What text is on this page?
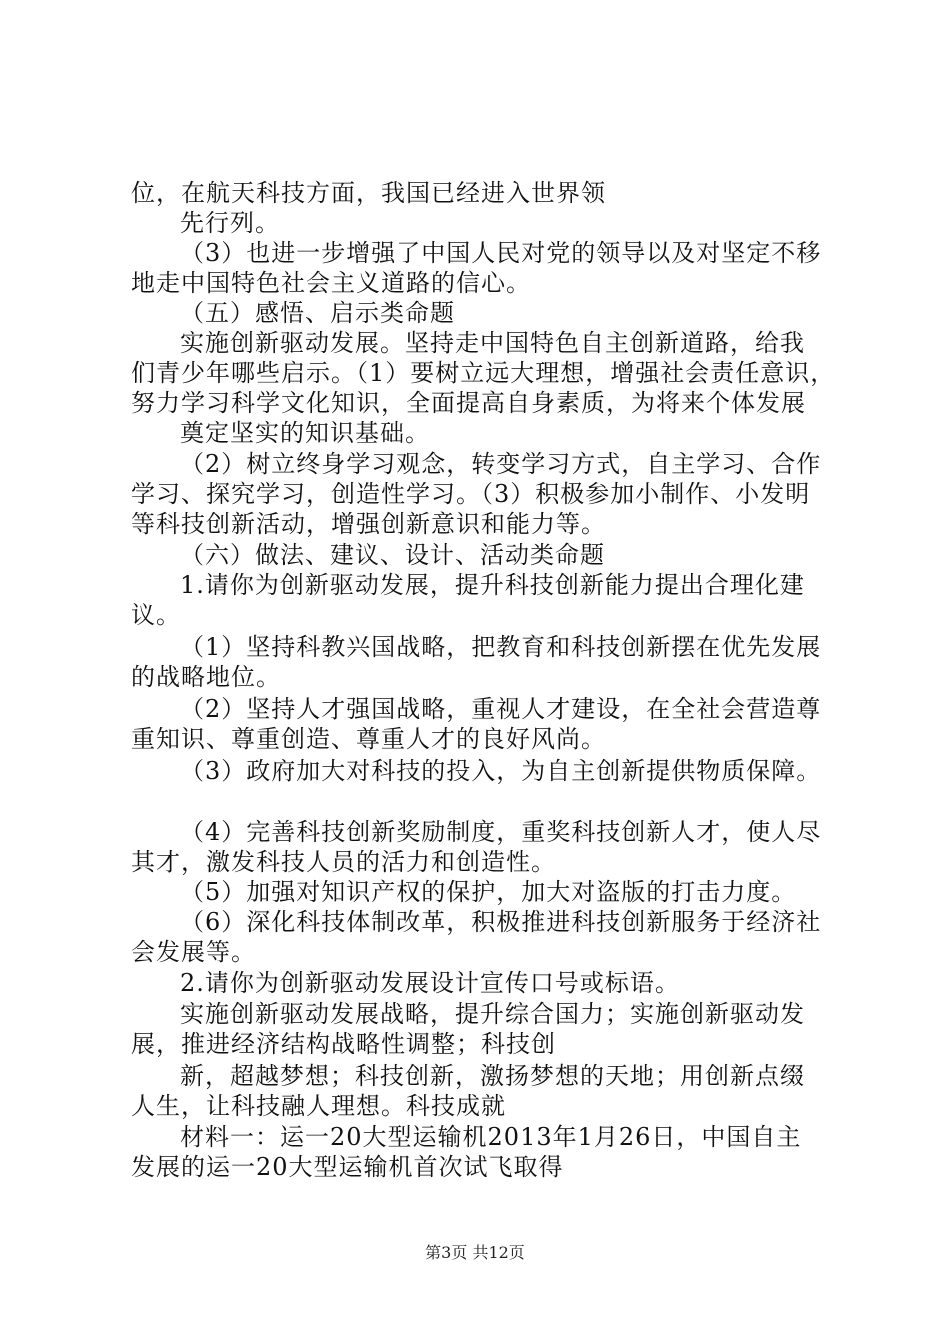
位，在航天科技方面，我国已经进入世界领
先行列。
（3）也进一步增强了中国人民对党的领导以及对坚定不移
地走中国特色社会主义道路的信心。
（五）感悟、启示类命题
实施创新驱动发展。坚持走中国特色自主创新道路，给我
们青少年哪些启示。（1）要树立远大理想，增强社会责任意识，
努力学习科学文化知识，全面提高自身素质，为将来个体发展
奠定坚实的知识基础。
（2）树立终身学习观念，转变学习方式，自主学习、合作
学习、探究学习，创造性学习。（3）积极参加小制作、小发明
等科技创新活动，增强创新意识和能力等。
（六）做法、建议、设计、活动类命题
1.请你为创新驱动发展，提升科技创新能力提出合理化建
议。
（1）坚持科教兴国战略，把教育和科技创新摆在优先发展
的战略地位。
（2）坚持人才强国战略，重视人才建设，在全社会营造尊
重知识、尊重创造、尊重人才的良好风尚。
（3）政府加大对科技的投入，为自主创新提供物质保障。
（4）完善科技创新奖励制度，重奖科技创新人才，使人尽
其才，激发科技人员的活力和创造性。
（5）加强对知识产权的保护，加大对盗版的打击力度。
（6）深化科技体制改革，积极推进科技创新服务于经济社
会发展等。
2.请你为创新驱动发展设计宣传口号或标语。
实施创新驱动发展战略，提升综合国力；实施创新驱动发
展，推进经济结构战略性调整；科技创
新，超越梦想；科技创新，激扬梦想的天地；用创新点缀
人生，让科技融人理想。科技成就
材料一：运一20大型运输机2013年1月26日，中国自主
发展的运一20大型运输机首次试飞取得
第3页 共12页
